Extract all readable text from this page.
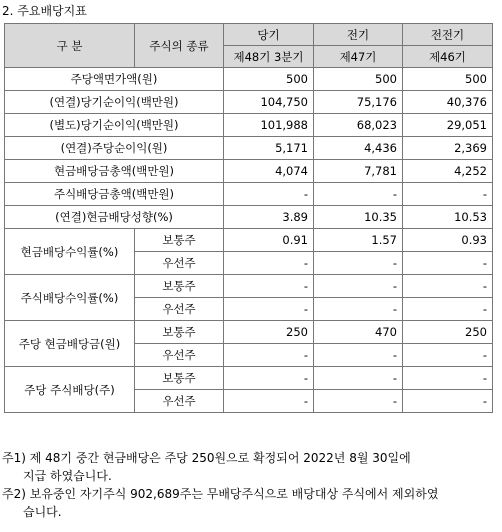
2. 주요배당지표
구 분	주식의 종류	당기	전기	전전기
		제48기 3분기	제47기	제46기
주당액면가액(원)		500	500	500
(연결)당기순이익(백만원)		104,750	75,176	40,376
(별도)당기순이익(백만원)		101,988	68,023	29,051
(연결)주당순이익(원)		5,171	4,436	2,369
현금배당금총액(백만원)		4,074	7,781	4,252
주식배당금총액(백만원)		-	-	-
(연결)현금배당성향(%)		3.89	10.35	10.53
현금배당수익률(%)	보통주	0.91	1.57	0.93
	우선주	-	-	-
주식배당수익률(%)	보통주	-	-	-
	우선주	-	-	-
주당 현금배당금(원)	보통주	250	470	250
	우선주	-	-	-
주당 주식배당(주)	보통주	-	-	-
	우선주	-	-	-

주1) 제 48기 중간 현금배당은 주당 250원으로 확정되어 2022년 8월 30일에
지급 하였습니다.

주2) 보유중인 자기주식 902,689주는 무배당주식으로 배당대상 주식에서 제외하였
습니다.
